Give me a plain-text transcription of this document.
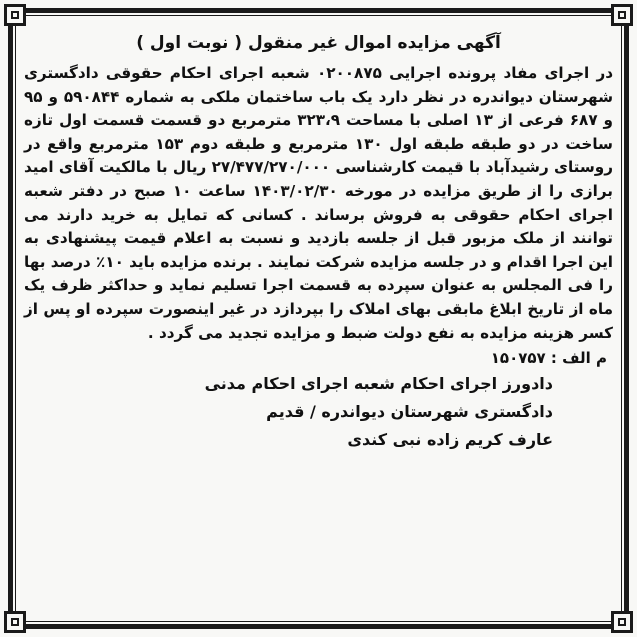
آگهی مزایده اموال غیر منقول ( نوبت اول )
در اجرای مفاد پرونده اجرایی ۰۲۰۰۸۷۵ شعبه اجرای احکام حقوقی دادگستری شهرستان دیواندره در نظر دارد یک باب ساختمان ملکی به شماره ۵۹۰۸۴۴ و ۹۵ و ۶۸۷ فرعی از ۱۳ اصلی با مساحت ۳۲۳،۹ مترمربع دو قسمت قسمت اول تازه ساخت در دو طبقه طبقه اول ۱۳۰ مترمربع و طبقه دوم ۱۵۳ مترمربع واقع در روستای رشیدآباد با قیمت کارشناسی ۲۷/۴۷۷/۲۷۰/۰۰۰ ریال با مالکیت آقای امید برازی را از طریق مزایده در مورخه ۱۴۰۳/۰۲/۳۰ ساعت ۱۰ صبح در دفتر شعبه اجرای احکام حقوقی به فروش برساند . کسانی که تمایل به خرید دارند می توانند از ملک مزبور قبل از جلسه بازدید و نسبت به اعلام قیمت پیشنهادی به این اجرا اقدام و در جلسه مزایده شرکت نمایند . برنده مزایده باید ۱۰٪ درصد بها را فی المجلس به عنوان سپرده به قسمت اجرا تسلیم نماید و حداکثر ظرف یک ماه از تاریخ ابلاغ مابقی بهای املاک را بپردازد در غیر اینصورت سپرده او پس از کسر هزینه مزایده به نفع دولت ضبط و مزایده تجدید می گردد .
م الف : ۱۵۰۷۵۷
دادورز اجرای احکام شعبه اجرای احکام مدنی
دادگستری شهرستان دیواندره / قدیم
عارف کریم زاده نبی کندی
